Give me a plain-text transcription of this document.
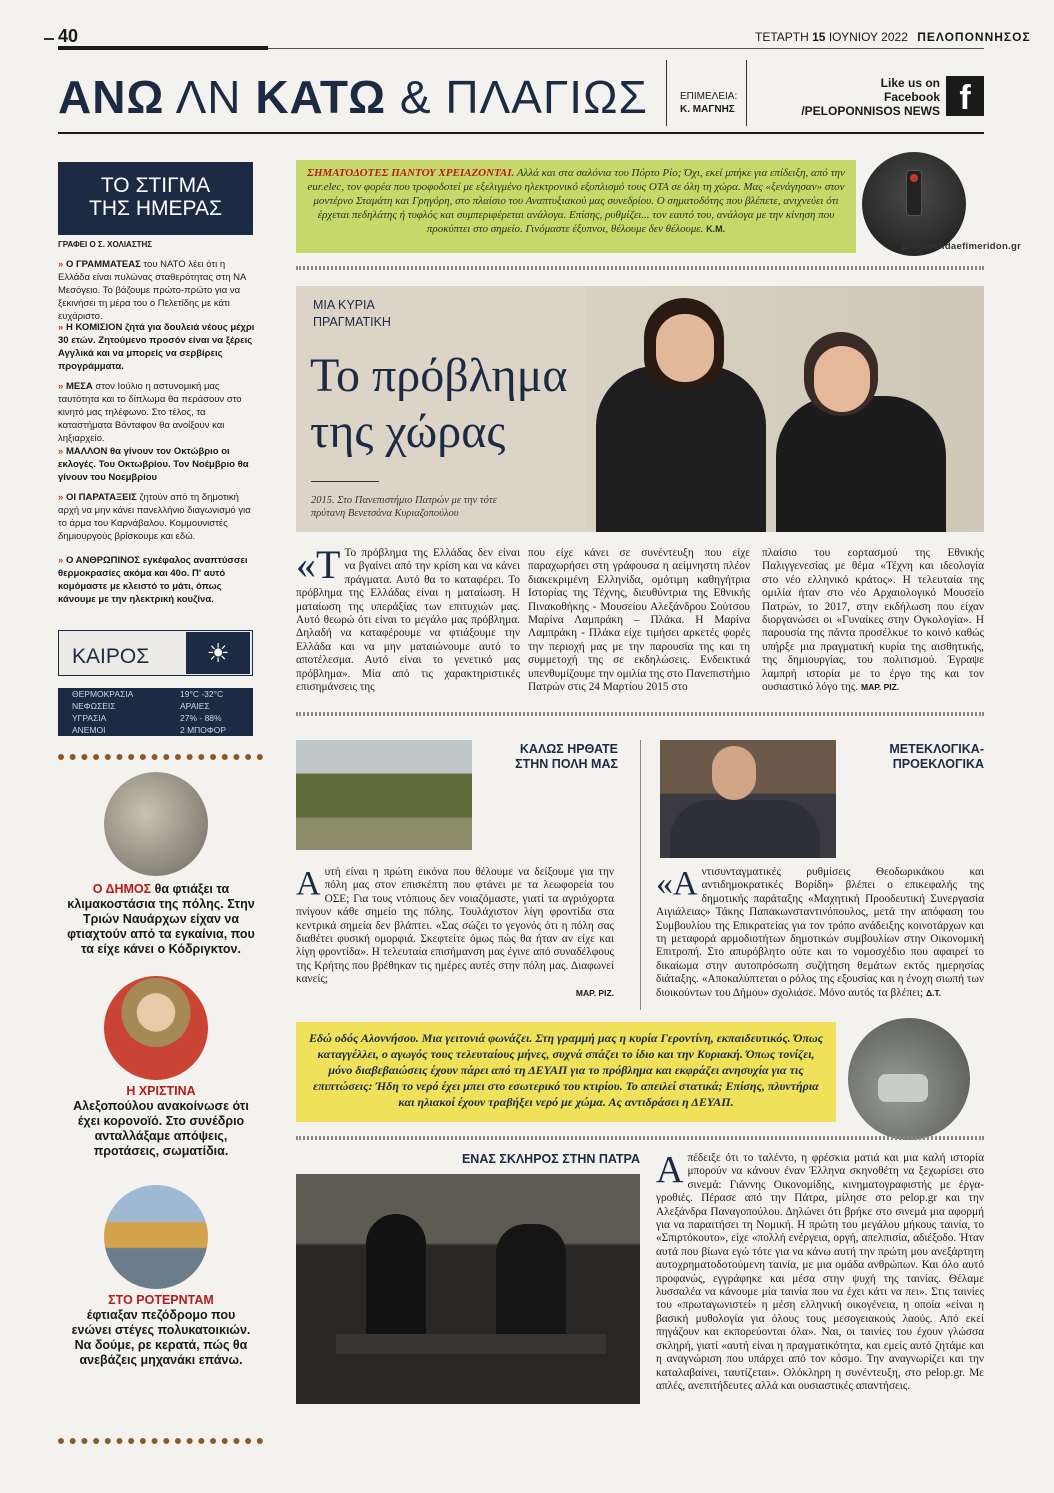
40	ΤΕΤΑΡΤΗ 15 ΙΟΥΝΙΟΥ 2022 ΠΕΛΟΠΟΝΝΗΣΟΣ
ΑΝΩ ΛΝ ΚΑΤΩ & ΠΛΑΓΙΩΣ	ΕΠΙΜΕΛΕΙΑ:
Κ. ΜΑΓΝΗΣ
Like us on
Facebook
/PELOPONNISOS NEWS f
ΤΟ ΣΤΙΓΜΑ
ΤΗΣ ΗΜΕΡΑΣ
ΓΡΑΦΕΙ Ο Σ. ΧΟΛΙΑΣΤΗΣ
» Ο ΓΡΑΜΜΑΤΕΑΣ του ΝΑΤΟ λέει ότι η Ελλάδα είναι πυλώνας σταθερότητας στη ΝΑ Μεσόγειο. Το βάζουμε πρώτο-πρώτο για να ξεκινήσει τη μέρα του ο Πελετίδης με κάτι ευχάριστο.
» Η ΚΟΜΙΣΙΟΝ ζητά για δουλειά νέους μέχρι 30 ετών. Ζητούμενο προσόν είναι να ξέρεις Αγγλικά και να μπορείς να σερβίρεις προγράμματα.
» ΜΕΣΑ στον Ιούλιο η αστυνομική μας ταυτότητα και το δίπλωμα θα περάσουν στο κινητό μας τηλέφωνο. Στο τέλος, τα καταστήματα Βόνταφον θα ανοίξουν και ληξιαρχείο.
» ΜΑΛΛΟΝ θα γίνουν τον Οκτώβριο οι εκλογές. Του Οκτωβρίου. Τον Νοέμβριο θα γίνουν του Νοεμβρίου
» ΟΙ ΠΑΡΑΤΑΞΕΙΣ ζητούν από τη δημοτική αρχή να μην κάνει πανελλήνιο διαγωνισμό για το άρμα του Καρνάβαλου. Κομμουνιστές δημιουργούς βρίσκουμε και εδώ.
» Ο ΑΝΘΡΩΠΙΝΟΣ εγκέφαλος αναπτύσσει θερμοκρασίες ακόμα και 40o. Π' αυτό κομόμαστε με κλειστό το μάτι, όπως κάνουμε με την ηλεκτρική κουζίνα.
ΚΑΙΡΟΣ	☀
ΘΕΡΜΟΚΡΑΣΙΑ	19°C -32°C
ΝΕΦΩΣΕΙΣ	ΑΡΑΙΕΣ
ΥΓΡΑΣΙΑ	27% - 88%
ΑΝΕΜΟΙ	2 ΜΠΟΦΟΡ
Ο ΔΗΜΟΣ θα φτιάξει τα κλιμακοστάσια της πόλης. Στην Τριών Ναυάρχων είχαν να φτιαχτούν από τα εγκαίνια, που τα είχε κάνει ο Κόδριγκτον.
Η ΧΡΙΣΤΙΝΑ
Αλεξοπούλου ανακοίνωσε ότι έχει κορονοϊό. Στο συνέδριο ανταλλάξαμε απόψεις, προτάσεις, σωματίδια.
ΣΤΟ ΡΟΤΕΡΝΤΑΜ
έφτιαξαν πεζόδρομο που ενώνει στέγες πολυκατοικιών. Να δούμε, ρε κερατά, πώς θα ανεβάζεις μηχανάκι επάνω.
ΣΗΜΑΤΟΔΟΤΕΣ ΠΑΝΤΟΥ ΧΡΕΙΑΖΟΝΤΑΙ. Αλλά και στα σαλόνια του Πόρτο Ρίο; Όχι, εκεί μπήκε για επίδειξη, από την eur.elec, τον φορέα που τροφοδοτεί με εξελιγμένο ηλεκτρονικό εξοπλισμό τους ΟΤΑ σε όλη τη χώρα. Μας «ξενάγησαν» στον μοντέρνο Σταμάτη και Γρηγόρη, στο πλαίσιο του Αναπτυξιακού μας συνεδρίου. Ο σηματοδότης που βλέπετε, ανιχνεύει ότι έρχεται πεδηλάτης ή τυφλός και συμπεριφέρεται ανάλογα. Επίσης, ρυθμίζει... τον εαυτό του, ανάλογα με την κίνηση που προκύπτει στο σημείο. Γινόμαστε έξυπνοι, θέλουμε δεν θέλουμε. Κ.Μ.
protoselidaefimeridon.gr
ΜΙΑ ΚΥΡΙΑ
ΠΡΑΓΜΑΤΙΚΗ
Το πρόβλημα
της χώρας
2015. Στο Πανεπιστήμιο Πατρών με την τότε
πρύτανη Βενετσάνα Κυριαζοπούλου
«Τ Το πρόβλημα της Ελλάδας δεν είναι να βγαίνει από την κρίση και να κάνει πράγματα. Αυτό θα το καταφέρει. Το πρόβλημα της Ελλάδας είναι η ματαίωση. Η ματαίωση της υπεράξίας των επιτυχιών μας. Αυτό θεωρώ ότι είναι το μεγάλο μας πρόβλημα. Δηλαδή να καταφέρουμε να φτιάξουμε την Ελλάδα και να μην ματαιώνουμε αυτό το αποτέλεσμα. Αυτό είναι το γενετικό μας πρόβλημα». Μία από τις χαρακτηριστικές επισημάνσεις της
που είχε κάνει σε συνέντευξη που είχε παραχωρήσει στη γράφουσα η αείμνηστη πλέον διακεκριμένη Ελληνίδα, ομότιμη καθηγήτρια Ιστορίας της Τέχνης, διευθύντρια της Εθνικής Πινακοθήκης - Μουσείου Αλεξάνδρου Σούτσου Μαρίνα Λαμπράκη – Πλάκα. Η Μαρίνα Λαμπράκη - Πλάκα είχε τιμήσει αρκετές φορές την περιοχή μας με την παρουσία της και τη συμμετοχή της σε εκδηλώσεις. Ενδεικτικά υπενθυμίζουμε την ομιλία της στο Πανεπιστήμιο Πατρών στις 24 Μαρτίου 2015 στο
πλαίσιο του εορτασμού της Εθνικής Παλιγγενεσίας με θέμα «Τέχνη και ιδεολογία στο νέο ελληνικό κράτος». Η τελευταία της ομιλία ήταν στο νέο Αρχαιολογικό Μουσείο Πατρών, το 2017, στην εκδήλωση που είχαν διοργανώσει οι «Γυναίκες στην Ογκολογία». Η παρουσία της πάντα προσέλκυε το κοινό καθώς υπήρξε μια πραγματική κυρία της αισθητικής, της δημιουργίας, του πολιτισμού. Έγραψε λαμπρή ιστορία με το έργο της και τον ουσιαστικό λόγο της. ΜΑΡ. ΡΙΖ.
ΚΑΛΩΣ ΗΡΘΑΤΕ
ΣΤΗΝ ΠΟΛΗ ΜΑΣ
Αυτή είναι η πρώτη εικόνα που θέλουμε να δείξουμε για την πόλη μας στον επισκέπτη που φτάνει με τα λεωφορεία του ΟΣΕ; Για τους ντόπιους δεν νοιαζόμαστε, γιατί τα αγριόχορτα πνίγουν κάθε σημείο της πόλης. Τουλάχιστον λίγη φροντίδα στα κεντρικά σημεία δεν βλάπτει. «Σας σώζει το γεγονός ότι η πόλη σας διαθέτει φυσική ομορφιά. Σκεφτείτε όμως πώς θα ήταν αν είχε και λίγη φροντίδα». Η τελευταία επισήμανση μας έγινε από συναδέλφους της Κρήτης που βρέθηκαν τις ημέρες αυτές στην πόλη μας. Διαφωνεί κανείς;
ΜΑΡ. ΡΙΖ.
ΜΕΤΕΚΛΟΓΙΚΑ-
ΠΡΟΕΚΛΟΓΙΚΑ
«Αντισυνταγματικές ρυθμίσεις Θεοδωρικάκου και αντιδημοκρατικές Βορίδη» βλέπει ο επικεφαλής της δημοτικής παράταξης «Μαχητική Προοδευτική Συνεργασία Αιγιάλειας» Τάκης Παπακωνσταντινόπουλος, μετά την απόφαση του Συμβουλίου της Επικρατείας για τον τρόπο ανάδειξης κοινοτάρχων και τη μεταφορά αρμοδιοτήτων δημοτικών συμβουλίων στην Οικονομική Επιτροπή. Στο απυρόβλητο ούτε και το νομοσχέδιο που αφαιρεί το δικαίωμα στην αυτοπρόσωπη συζήτηση θεμάτων εκτός ημερησίας διάταξης. «Αποκαλύπτεται ο ρόλος της εξουσίας και η ένοχη σιωπή των διοικούντων του Δήμου» σχολιάσε. Μόνο αυτός τα βλέπει; Δ.Τ.
Εδώ οδός Αλοννήσου. Μια γειτονιά φωνάζει. Στη γραμμή μας η κυρία Γεροντίνη, εκπαιδευτικός. Όπως καταγγέλλει, ο αγωγός τους τελευταίους μήνες, συχνά σπάζει το ίδιο και την Κυριακή. Όπως τονίζει, μόνο διαβεβαιώσεις έχουν πάρει από τη ΔΕΥΑΠ για το πρόβλημα και εκφράζει ανησυχία για τις επιπτώσεις: Ήδη το νερό έχει μπει στο εσωτερικό του κτιρίου. Το απειλεί στατικά; Επίσης, πλυντήρια και ηλιακοί έχουν τραβήξει νερό με χώμα. Ας αντιδράσει η ΔΕΥΑΠ.
ΕΝΑΣ ΣΚΛΗΡΟΣ ΣΤΗΝ ΠΑΤΡΑ Απέδειξε ότι το ταλέντο, η φρέσκια ματιά και μια καλή ιστορία μπορούν να κάνουν έναν Έλληνα σκηνοθέτη να ξεχωρίσει στο σινεμά: Γιάννης Οικονομίδης, κινηματογραφιστής με έργα- γροθιές. Πέρασε από την Πάτρα, μίλησε στο pelop.gr και την Αλεξάνδρα Παναγοπούλου. Δηλώνει ότι βρήκε στο σινεμά μια αφορμή για να παραιτήσει τη Νομική. Η πρώτη του μεγάλου μήκους ταινία, το «Σπιρτόκουτο», είχε «πολλή ενέργεια, οργή, απελπισία, αδιέξοδο. Ήταν αυτά που βίωνα εγώ τότε για να κάνω αυτή την πρώτη μου ανεξάρτητη αυτοχρηματοδοτούμενη ταινία, με μια ομάδα ανθρώπων. Και όλο αυτό προφανώς, εγγράφηκε και μέσα στην ψυχή της ταινίας. Θέλαμε λυσσαλέα να κάνουμε μία ταινία που να έχει κάτι να πει». Στις ταινίες του «πρωταγωνιστεί» η μέση ελληνική οικογένεια, η οποία «είναι η βασική μυθολογία για όλους τους μεσογειακούς λαούς. Από εκεί πηγάζουν και εκπορεύονται όλα». Ναι, οι ταινίες του έχουν γλώσσα σκληρή, γιατί «αυτή είναι η πραγματικότητα, και εμείς αυτό ζητάμε και η αναγνώριση που υπάρχει από τον κόσμο. Την αναγνωρίζει και την καταλαβαίνει, ταυτίζεται». Ολόκληρη η συνέντευξη, στο pelop.gr. Με απλές, ανεπιτήδευτες αλλά και ουσιαστικές απαντήσεις.
